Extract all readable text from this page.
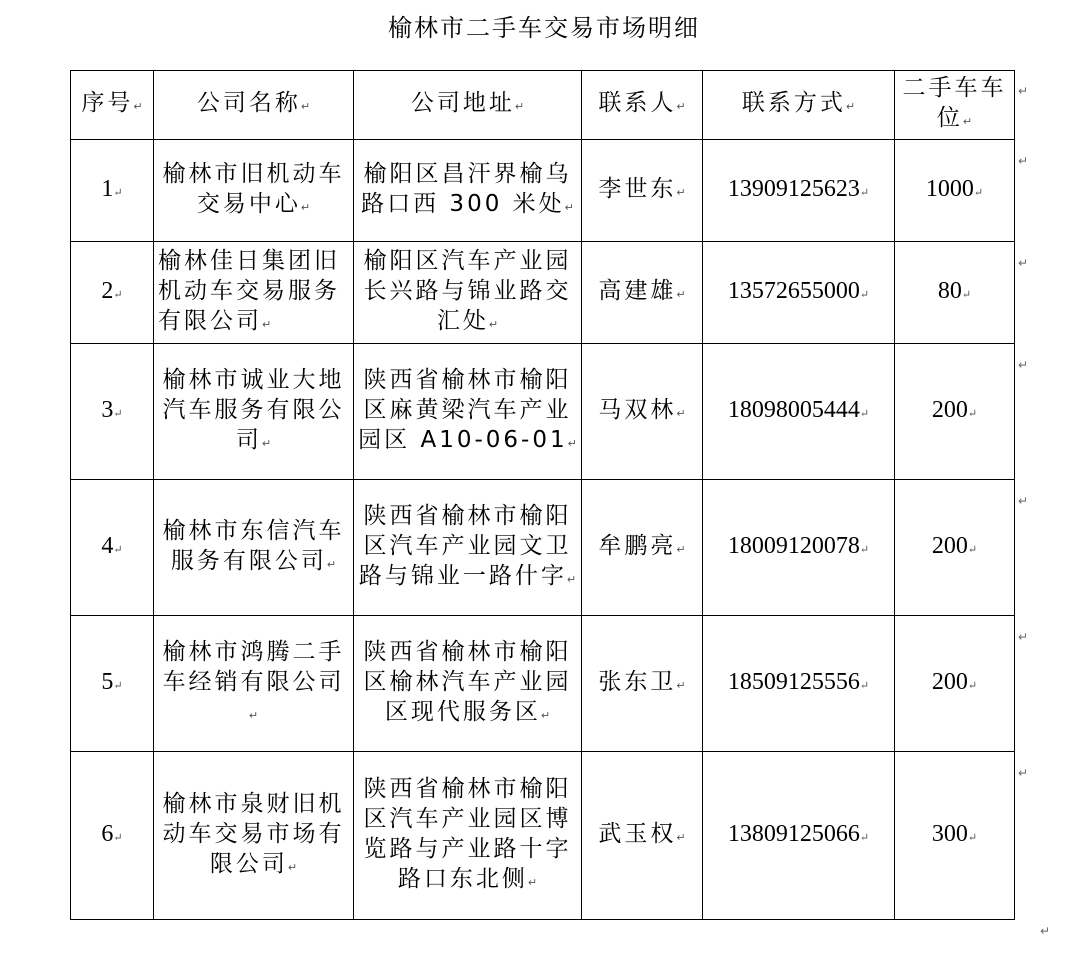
榆林市二手车交易市场明细
序号↵	公司名称↵	公司地址↵	联系人↵	联系方式↵	二手车车位↵
1↵	榆林市旧机动车交易中心↵	榆阳区昌汗界榆乌路口西 300 米处↵	李世东↵	13909125623↵	1000↵
2↵	榆林佳日集团旧机动车交易服务有限公司↵	榆阳区汽车产业园长兴路与锦业路交汇处↵	高建雄↵	13572655000↵	80↵
3↵	榆林市诚业大地汽车服务有限公司↵	陕西省榆林市榆阳区麻黄梁汽车产业园区 A10-06-01↵	马双林↵	18098005444↵	200↵
4↵	榆林市东信汽车服务有限公司↵	陕西省榆林市榆阳区汽车产业园文卫路与锦业一路什字↵	牟鹏亮↵	18009120078↵	200↵
5↵	榆林市鸿腾二手车经销有限公司↵	陕西省榆林市榆阳区榆林汽车产业园区现代服务区↵	张东卫↵	18509125556↵	200↵
6↵	榆林市泉财旧机动车交易市场有限公司↵	陕西省榆林市榆阳区汽车产业园区博览路与产业路十字路口东北侧↵	武玉权↵	13809125066↵	300↵
↵
↵
↵
↵
↵
↵
↵
↵
